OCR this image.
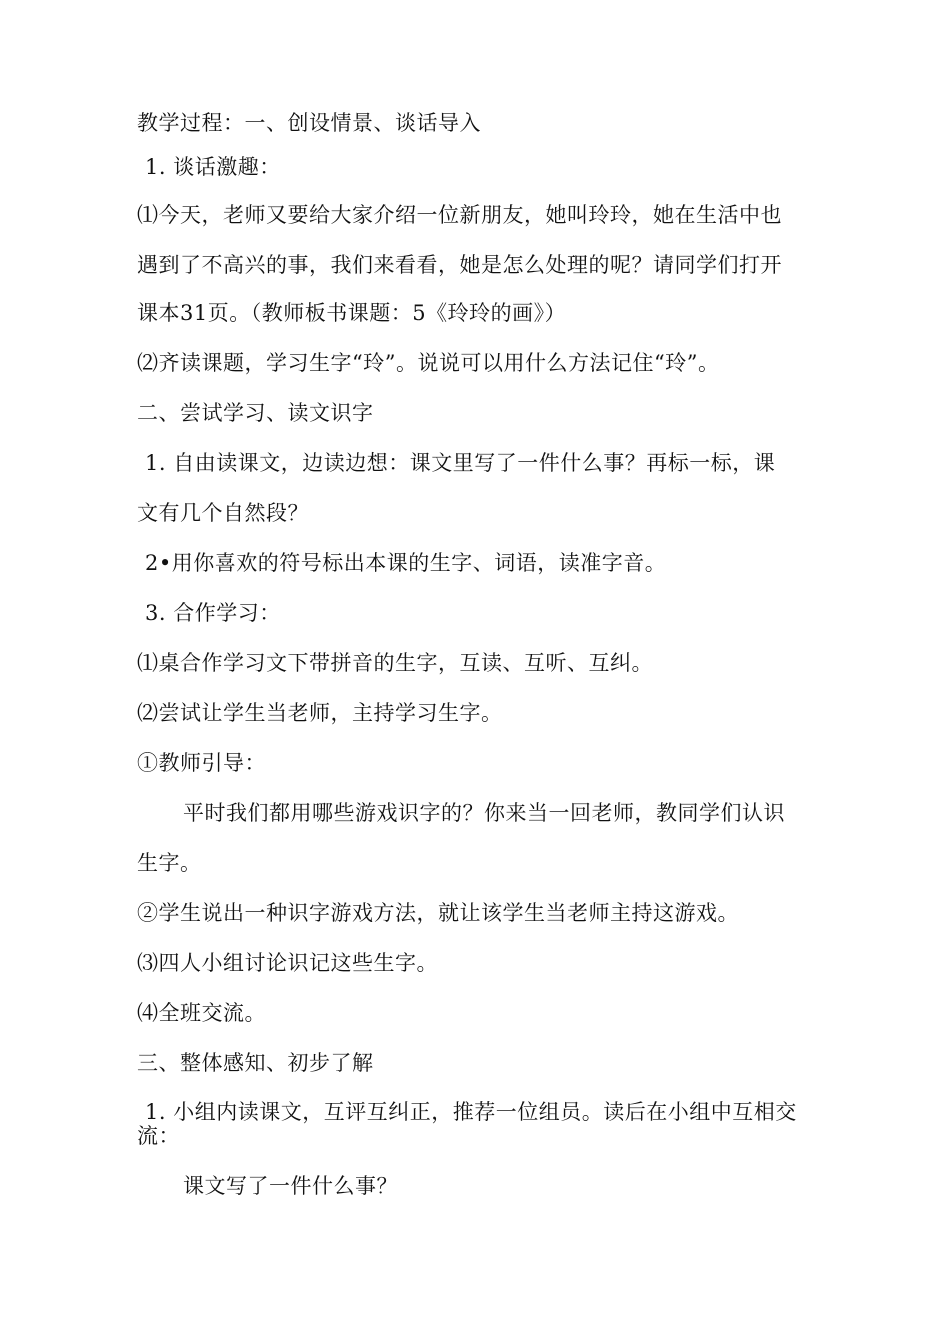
教学过程：一、创设情景、谈话导入
1. 谈话激趣：
⑴今天，老师又要给大家介绍一位新朋友，她叫玲玲，她在生活中也
遇到了不高兴的事，我们来看看，她是怎么处理的呢？请同学们打开
课本31页。（教师板书课题：5《玲玲的画》）
⑵齐读课题，学习生字“玲”。说说可以用什么方法记住“玲”。
二、尝试学习、读文识字
1. 自由读课文，边读边想：课文里写了一件什么事？再标一标，课
文有几个自然段？
2•用你喜欢的符号标出本课的生字、词语，读准字音。
3. 合作学习：
⑴桌合作学习文下带拼音的生字，互读、互听、互纠。
⑵尝试让学生当老师，主持学习生字。
①教师引导：
平时我们都用哪些游戏识字的？你来当一回老师，教同学们认识
生字。
②学生说出一种识字游戏方法，就让该学生当老师主持这游戏。
⑶四人小组讨论识记这些生字。
⑷全班交流。
三、整体感知、初步了解
1. 小组内读课文，互评互纠正，推荐一位组员。读后在小组中互相交流：
课文写了一件什么事？
